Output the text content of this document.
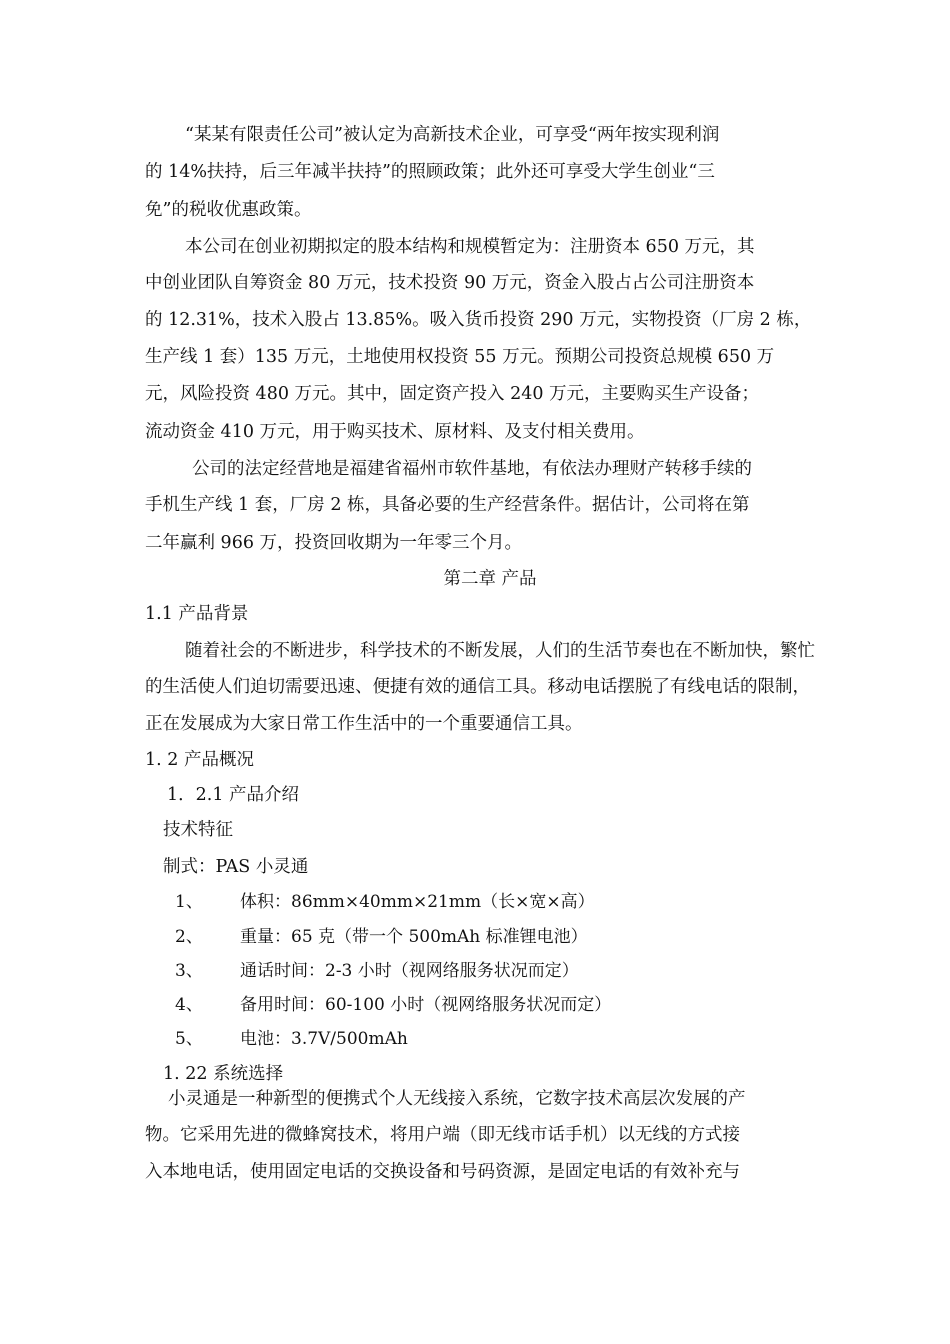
“某某有限责任公司”被认定为高新技术企业，可享受“两年按实现利润
的 14%扶持，后三年减半扶持”的照顾政策；此外还可享受大学生创业“三
免”的税收优惠政策。
本公司在创业初期拟定的股本结构和规模暂定为：注册资本 650 万元，其
中创业团队自筹资金 80 万元，技术投资 90 万元，资金入股占占公司注册资本
的 12.31%，技术入股占 13.85%。吸入货币投资 290 万元，实物投资（厂房 2 栋，
生产线 1 套）135 万元，土地使用权投资 55 万元。预期公司投资总规模 650 万
元，风险投资 480 万元。其中，固定资产投入 240 万元，主要购买生产设备；
流动资金 410 万元，用于购买技术、原材料、及支付相关费用。
公司的法定经营地是福建省福州市软件基地，有依法办理财产转移手续的
手机生产线 1 套，厂房 2 栋，具备必要的生产经营条件。据估计，公司将在第
二年赢利 966 万，投资回收期为一年零三个月。
第二章 产品
1.1 产品背景
随着社会的不断进步，科学技术的不断发展，人们的生活节奏也在不断加快，繁忙
的生活使人们迫切需要迅速、便捷有效的通信工具。移动电话摆脱了有线电话的限制，
正在发展成为大家日常工作生活中的一个重要通信工具。
1. 2 产品概况
1．2.1 产品介绍
技术特征
制式：PAS 小灵通
1、 体积：86mm×40mm×21mm（长×宽×高）
2、 重量：65 克（带一个 500mAh 标准锂电池）
3、 通话时间：2-3 小时（视网络服务状况而定）
4、 备用时间：60-100 小时（视网络服务状况而定）
5、 电池：3.7V/500mAh
1. 22 系统选择
小灵通是一种新型的便携式个人无线接入系统，它数字技术高层次发展的产
物。它采用先进的微蜂窝技术，将用户端（即无线市话手机）以无线的方式接
入本地电话，使用固定电话的交换设备和号码资源，是固定电话的有效补充与
